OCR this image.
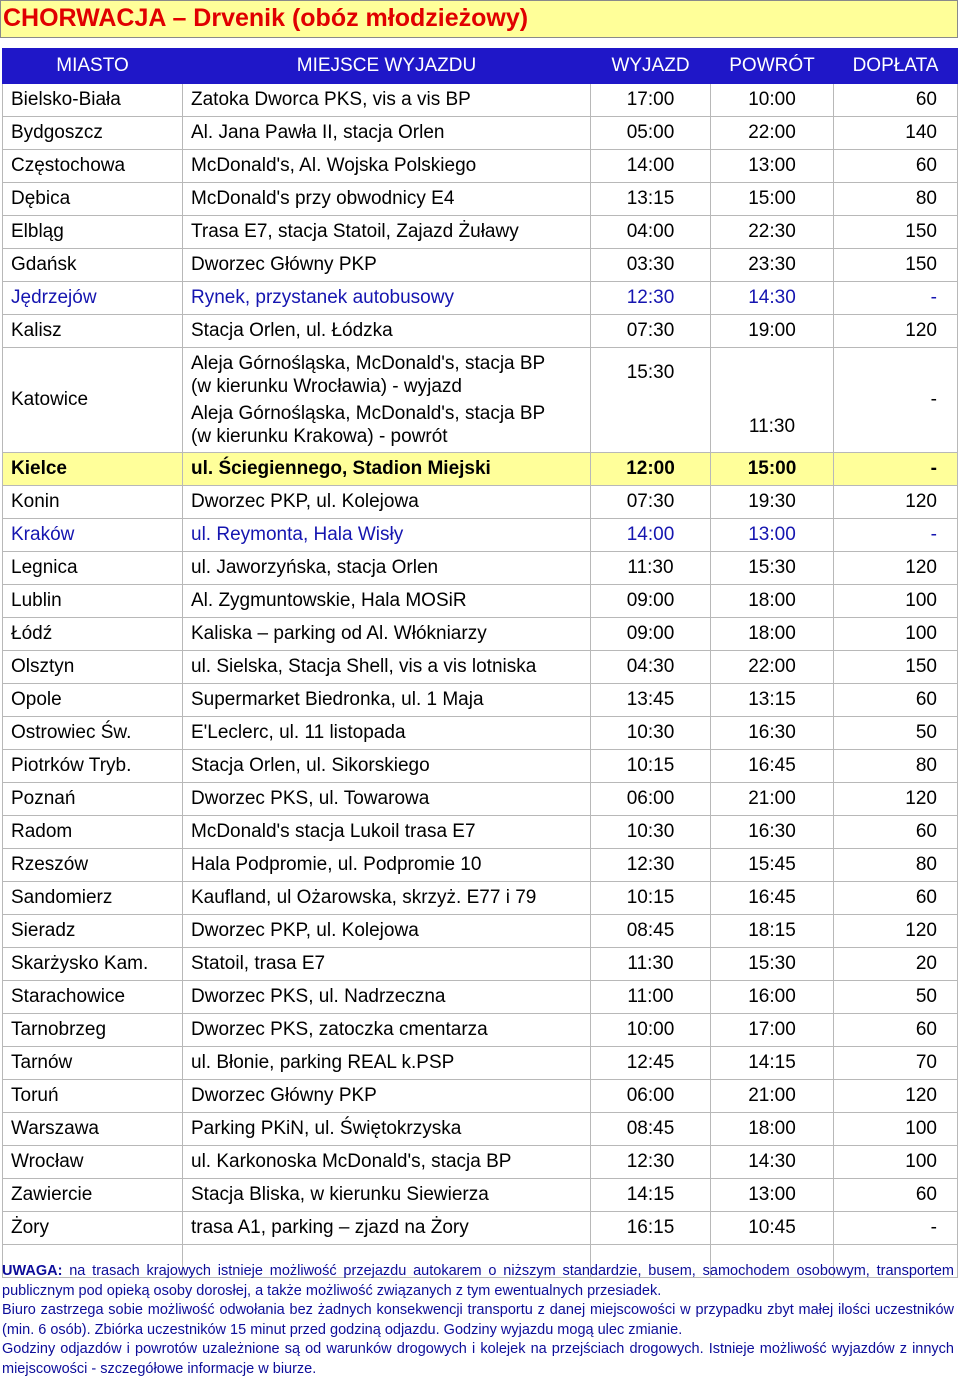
CHORWACJA – Drvenik (obóz młodzieżowy)
MIASTO	MIEJSCE WYJAZDU	WYJAZD	POWRÓT	DOPŁATA
Bielsko-Biała	Zatoka Dworca PKS, vis a vis BP	17:00	10:00	60
Bydgoszcz	Al. Jana Pawła II, stacja Orlen	05:00	22:00	140
Częstochowa	McDonald's, Al. Wojska Polskiego	14:00	13:00	60
Dębica	McDonald's przy obwodnicy E4	13:15	15:00	80
Elbląg	Trasa E7, stacja Statoil, Zajazd Żuławy	04:00	22:30	150
Gdańsk	Dworzec Główny PKP	03:30	23:30	150
Jędrzejów	Rynek, przystanek autobusowy	12:30	14:30	-
Kalisz	Stacja Orlen, ul. Łódzka	07:30	19:00	120
Katowice	Aleja Górnośląska, McDonald's, stacja BP
(w kierunku Wrocławia) - wyjazd
Aleja Górnośląska, McDonald's, stacja BP
(w kierunku Krakowa) - powrót	15:30	11:30	-
Kielce	ul. Ściegiennego, Stadion Miejski	12:00	15:00	-
Konin	Dworzec PKP, ul. Kolejowa	07:30	19:30	120
Kraków	ul. Reymonta, Hala Wisły	14:00	13:00	-
Legnica	ul. Jaworzyńska, stacja Orlen	11:30	15:30	120
Lublin	Al. Zygmuntowskie, Hala MOSiR	09:00	18:00	100
Łódź	Kaliska – parking od Al. Włókniarzy	09:00	18:00	100
Olsztyn	ul. Sielska, Stacja Shell, vis a vis lotniska	04:30	22:00	150
Opole	Supermarket Biedronka, ul. 1 Maja	13:45	13:15	60
Ostrowiec Św.	E'Leclerc, ul. 11 listopada	10:30	16:30	50
Piotrków Tryb.	Stacja Orlen, ul. Sikorskiego	10:15	16:45	80
Poznań	Dworzec PKS, ul. Towarowa	06:00	21:00	120
Radom	McDonald's stacja Lukoil trasa E7	10:30	16:30	60
Rzeszów	Hala Podpromie, ul. Podpromie 10	12:30	15:45	80
Sandomierz	Kaufland, ul Ożarowska, skrzyż. E77 i 79	10:15	16:45	60
Sieradz	Dworzec PKP, ul. Kolejowa	08:45	18:15	120
Skarżysko Kam.	Statoil, trasa E7	11:30	15:30	20
Starachowice	Dworzec PKS, ul. Nadrzeczna	11:00	16:00	50
Tarnobrzeg	Dworzec PKS, zatoczka cmentarza	10:00	17:00	60
Tarnów	ul. Błonie, parking REAL k.PSP	12:45	14:15	70
Toruń	Dworzec Główny PKP	06:00	21:00	120
Warszawa	Parking PKiN, ul. Świętokrzyska	08:45	18:00	100
Wrocław	ul. Karkonoska McDonald's, stacja BP	12:30	14:30	100
Zawiercie	Stacja Bliska, w kierunku Siewierza	14:15	13:00	60
Żory	trasa A1, parking – zjazd na Żory	16:15	10:45	-

UWAGA: na trasach krajowych istnieje możliwość przejazdu autokarem o niższym standardzie, busem, samochodem osobowym, transportem publicznym pod opieką osoby dorosłej, a także możliwość związanych z tym ewentualnych przesiadek.

Biuro zastrzega sobie możliwość odwołania bez żadnych konsekwencji transportu z danej miejscowości w przypadku zbyt małej ilości uczestników (min. 6 osób). Zbiórka uczestników 15 minut przed godziną odjazdu. Godziny wyjazdu mogą ulec zmianie.

Godziny odjazdów i powrotów uzależnione są od warunków drogowych i kolejek na przejściach drogowych. Istnieje możliwość wyjazdów z innych miejscowości - szczegółowe informacje w biurze.
